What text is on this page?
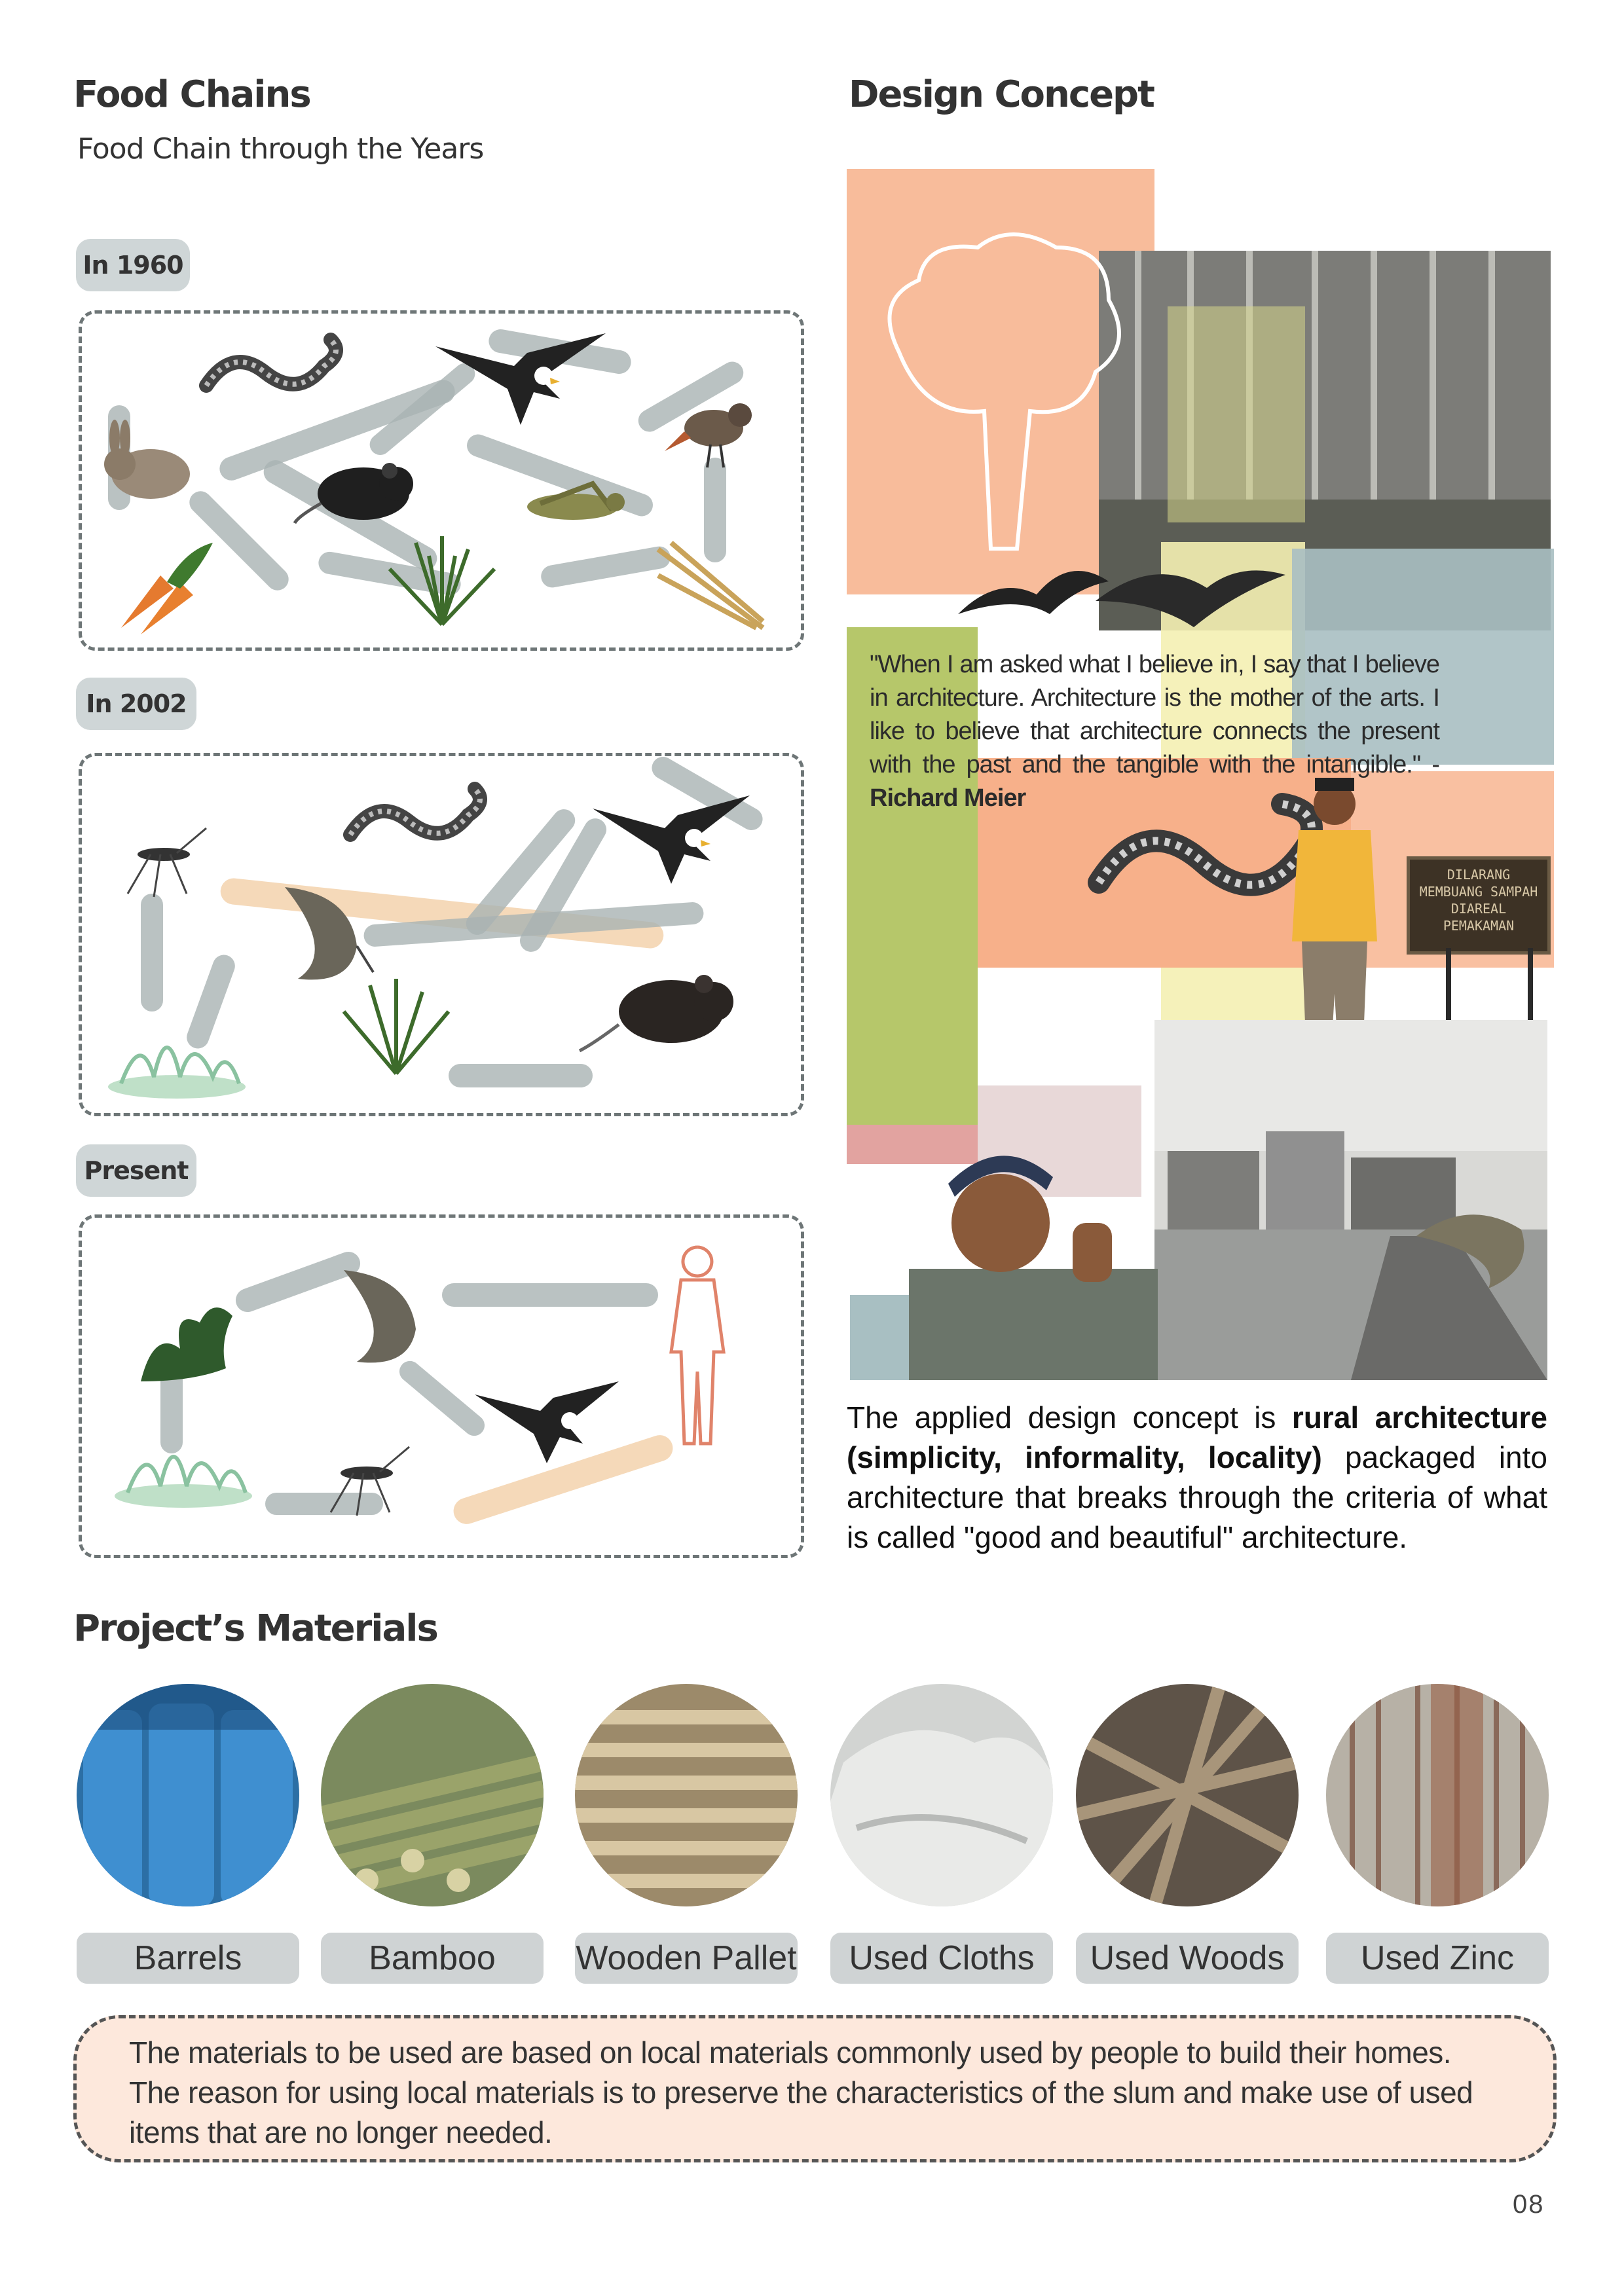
Food Chains
Food Chain through the Years
In 1960
In 2002
Present
Design Concept
DILARANG MEMBUANG SAMPAH DIAREAL PEMAKAMAN
"When I am asked what I believe in, I say that I believe in architecture. Architecture is the mother of the arts. I like to believe that architecture connects the present with the past and the tangible with the intangible." - Richard Meier
The applied design concept is rural architecture (simplicity, informality, locality) packaged into architecture that breaks through the criteria of what is called "good and beautiful" architecture.
Project’s Materials
Barrels	Bamboo	Wooden Pallet	Used Cloths	Used Woods	Used Zinc
The materials to be used are based on local materials commonly used by people to build their homes. The reason for using local materials is to preserve the characteristics of the slum and make use of used items that are no longer needed.
08
